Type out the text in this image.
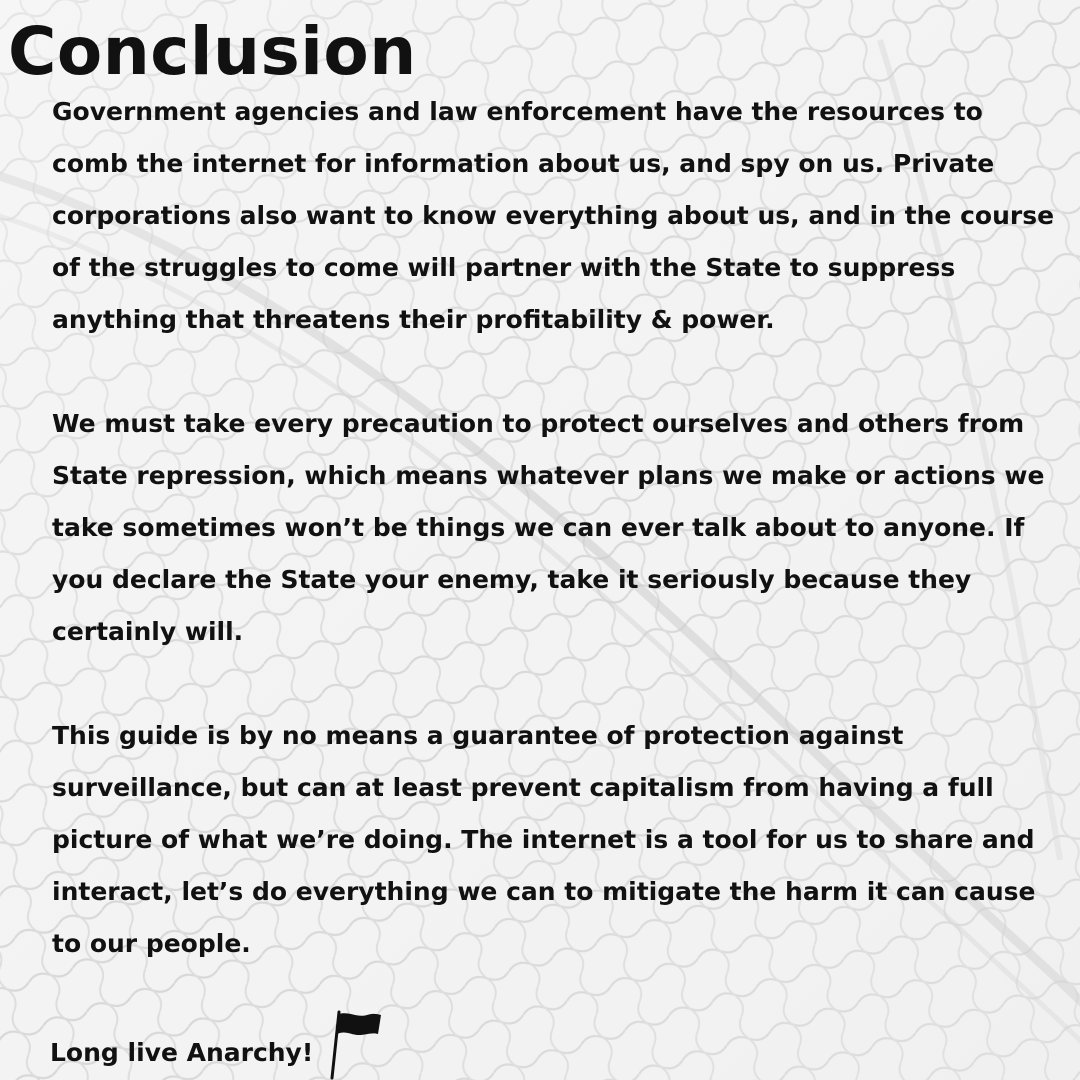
Conclusion

Government agencies and law enforcement have the resources to
comb the internet for information about us, and spy on us. Private
corporations also want to know everything about us, and in the course
of the struggles to come will partner with the State to suppress
anything that threatens their profitability & power.

We must take every precaution to protect ourselves and others from
State repression, which means whatever plans we make or actions we
take sometimes won’t be things we can ever talk about to anyone. If
you declare the State your enemy, take it seriously because they
certainly will.

This guide is by no means a guarantee of protection against
surveillance, but can at least prevent capitalism from having a full
picture of what we’re doing. The internet is a tool for us to share and
interact, let’s do everything we can to mitigate the harm it can cause
to our people.

Long live Anarchy!
